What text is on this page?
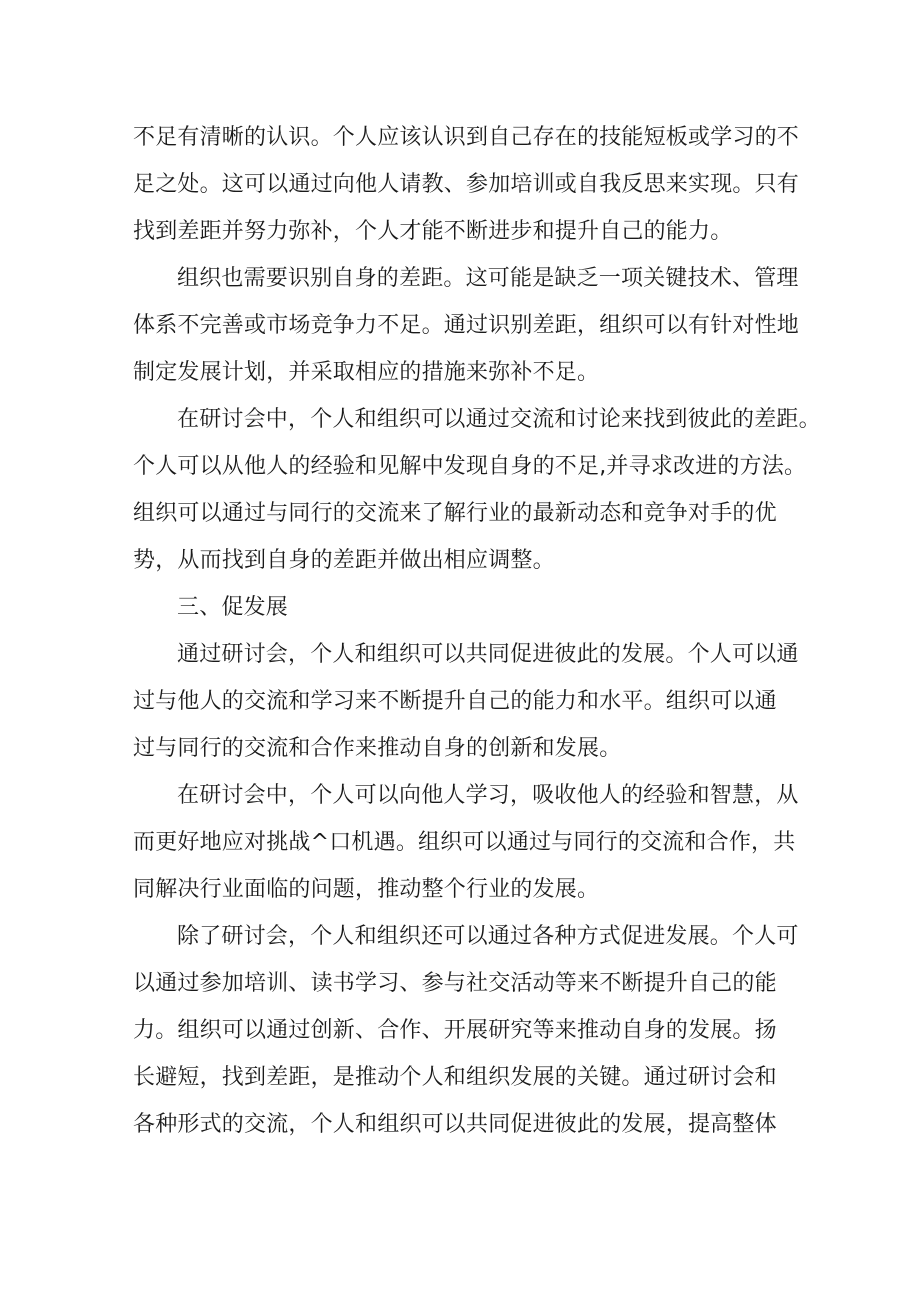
不足有清晰的认识。个人应该认识到自己存在的技能短板或学习的不
足之处。这可以通过向他人请教、参加培训或自我反思来实现。只有
找到差距并努力弥补，个人才能不断进步和提升自己的能力。
组织也需要识别自身的差距。这可能是缺乏一项关键技术、管理
体系不完善或市场竞争力不足。通过识别差距，组织可以有针对性地
制定发展计划，并采取相应的措施来弥补不足。
在研讨会中，个人和组织可以通过交流和讨论来找到彼此的差距。
个人可以从他人的经验和见解中发现自身的不足,并寻求改进的方法。
组织可以通过与同行的交流来了解行业的最新动态和竞争对手的优
势，从而找到自身的差距并做出相应调整。
三、促发展
通过研讨会，个人和组织可以共同促进彼此的发展。个人可以通
过与他人的交流和学习来不断提升自己的能力和水平。组织可以通
过与同行的交流和合作来推动自身的创新和发展。
在研讨会中，个人可以向他人学习，吸收他人的经验和智慧，从
而更好地应对挑战^口机遇。组织可以通过与同行的交流和合作，共
同解决行业面临的问题，推动整个行业的发展。
除了研讨会，个人和组织还可以通过各种方式促进发展。个人可
以通过参加培训、读书学习、参与社交活动等来不断提升自己的能
力。组织可以通过创新、合作、开展研究等来推动自身的发展。扬
长避短，找到差距，是推动个人和组织发展的关键。通过研讨会和
各种形式的交流，个人和组织可以共同促进彼此的发展，提高整体
